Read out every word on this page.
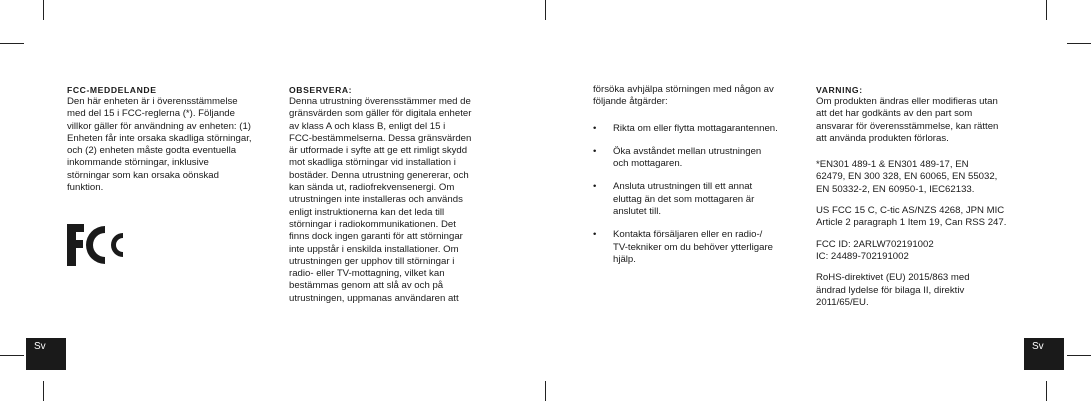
Sv	Sv

FCC-MEDDELANDE

Den här enheten är i överensstämmelse
med del 15 i FCC-reglerna (*). Följande
villkor gäller för användning av enheten: (1)
Enheten får inte orsaka skadliga störningar,
och (2) enheten måste godta eventuella
inkommande störningar, inklusive
störningar som kan orsaka oönskad
funktion.

OBSERVERA:

Denna utrustning överensstämmer med de
gränsvärden som gäller för digitala enheter
av klass A och klass B, enligt del 15 i
FCC-bestämmelserna. Dessa gränsvärden
är utformade i syfte att ge ett rimligt skydd
mot skadliga störningar vid installation i
bostäder. Denna utrustning genererar, och
kan sända ut, radiofrekvensenergi. Om
utrustningen inte installeras och används
enligt instruktionerna kan det leda till
störningar i radiokommunikationen. Det
finns dock ingen garanti för att störningar
inte uppstår i enskilda installationer. Om
utrustningen ger upphov till störningar i
radio- eller TV-mottagning, vilket kan
bestämmas genom att slå av och på
utrustningen, uppmanas användaren att

försöka avhjälpa störningen med någon av
följande åtgärder:

• Rikta om eller flytta mottagarantennen.
• Öka avståndet mellan utrustningen
och mottagaren.
• Ansluta utrustningen till ett annat
eluttag än det som mottagaren är
anslutet till.
• Kontakta försäljaren eller en radio-/
TV-tekniker om du behöver ytterligare
hjälp.

VARNING:

Om produkten ändras eller modifieras utan
att det har godkänts av den part som
ansvarar för överensstämmelse, kan rätten
att använda produkten förloras.

*EN301 489-1 & EN301 489-17, EN
62479, EN 300 328, EN 60065, EN 55032,
EN 50332-2, EN 60950-1, IEC62133.

US FCC 15 C, C-tic AS/NZS 4268, JPN MIC
Article 2 paragraph 1 Item 19, Can RSS 247.

FCC ID: 2ARLW702191002
IC: 24489-702191002

RoHS-direktivet (EU) 2015/863 med
ändrad lydelse för bilaga II, direktiv
2011/65/EU.
